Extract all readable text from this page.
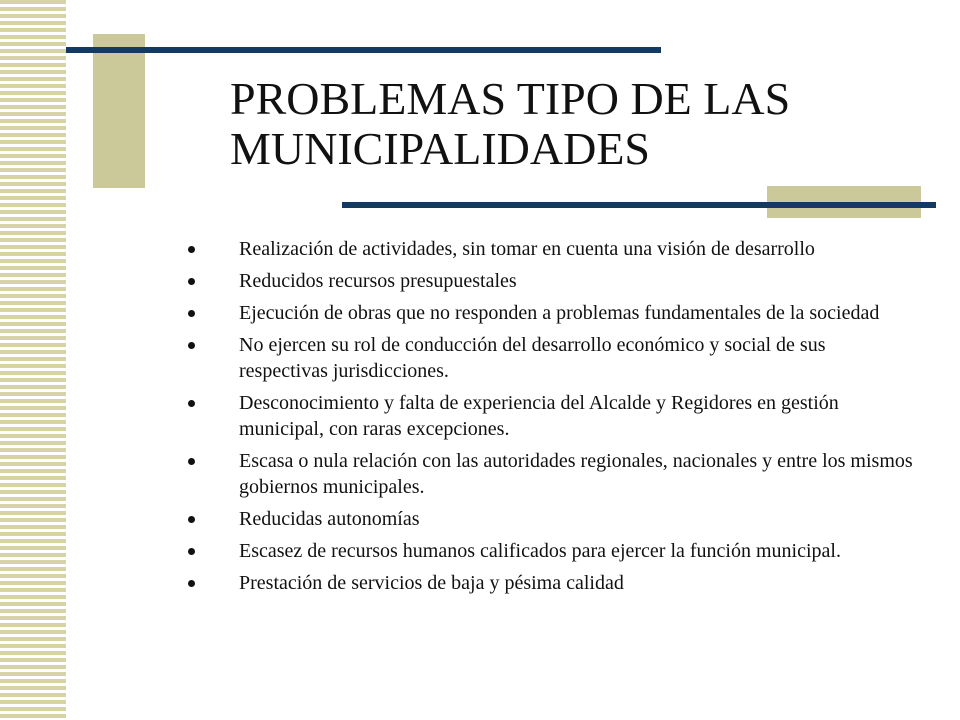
PROBLEMAS TIPO DE LAS
MUNICIPALIDADES
Realización de actividades, sin tomar en cuenta una visión de desarrollo
Reducidos recursos presupuestales
Ejecución de obras que no responden a problemas fundamentales de la sociedad
No ejercen su rol de conducción del desarrollo económico y social de sus respectivas jurisdicciones.
Desconocimiento y falta de experiencia del Alcalde y Regidores en gestión municipal, con raras excepciones.
Escasa o nula relación con las autoridades regionales, nacionales y entre los mismos gobiernos municipales.
Reducidas autonomías
Escasez de recursos humanos calificados para ejercer la función municipal.
Prestación de servicios de baja y pésima calidad
